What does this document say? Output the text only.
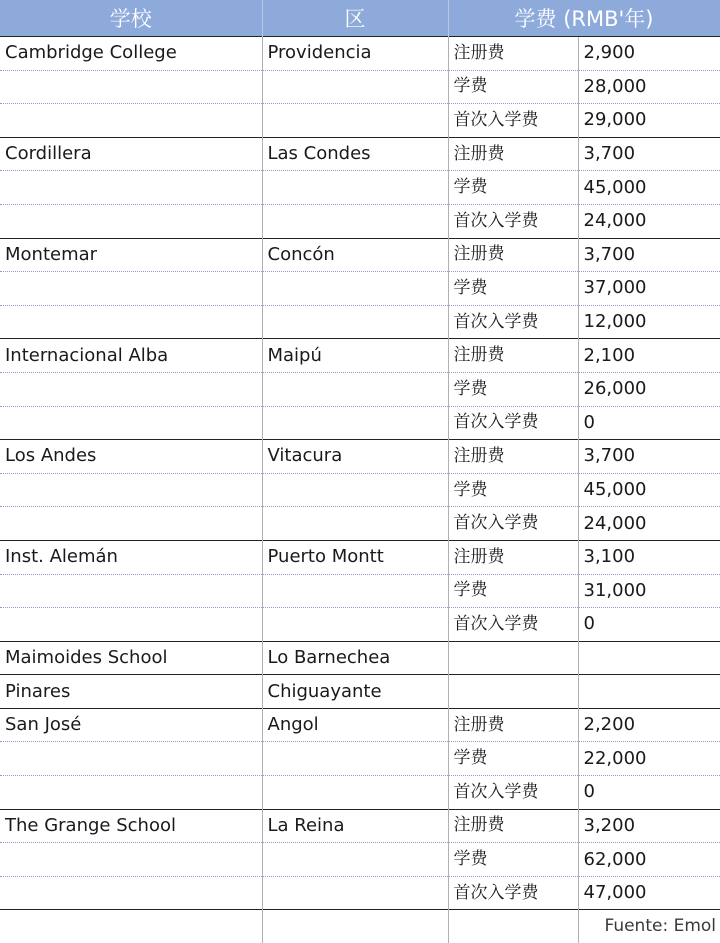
学校	区	学费 (RMB'年)	
Cambridge College	Providencia	注册费	2,900
		学费	28,000
		首次入学费	29,000
Cordillera	Las Condes	注册费	3,700
		学费	45,000
		首次入学费	24,000
Montemar	Concón	注册费	3,700
		学费	37,000
		首次入学费	12,000
Internacional Alba	Maipú	注册费	2,100
		学费	26,000
		首次入学费	0
Los Andes	Vitacura	注册费	3,700
		学费	45,000
		首次入学费	24,000
Inst. Alemán	Puerto Montt	注册费	3,100
		学费	31,000
		首次入学费	0
Maimoides School	Lo Barnechea		
Pinares	Chiguayante		
San José	Angol	注册费	2,200
		学费	22,000
		首次入学费	0
The Grange School	La Reina	注册费	3,200
		学费	62,000
		首次入学费	47,000
			Fuente: Emol
